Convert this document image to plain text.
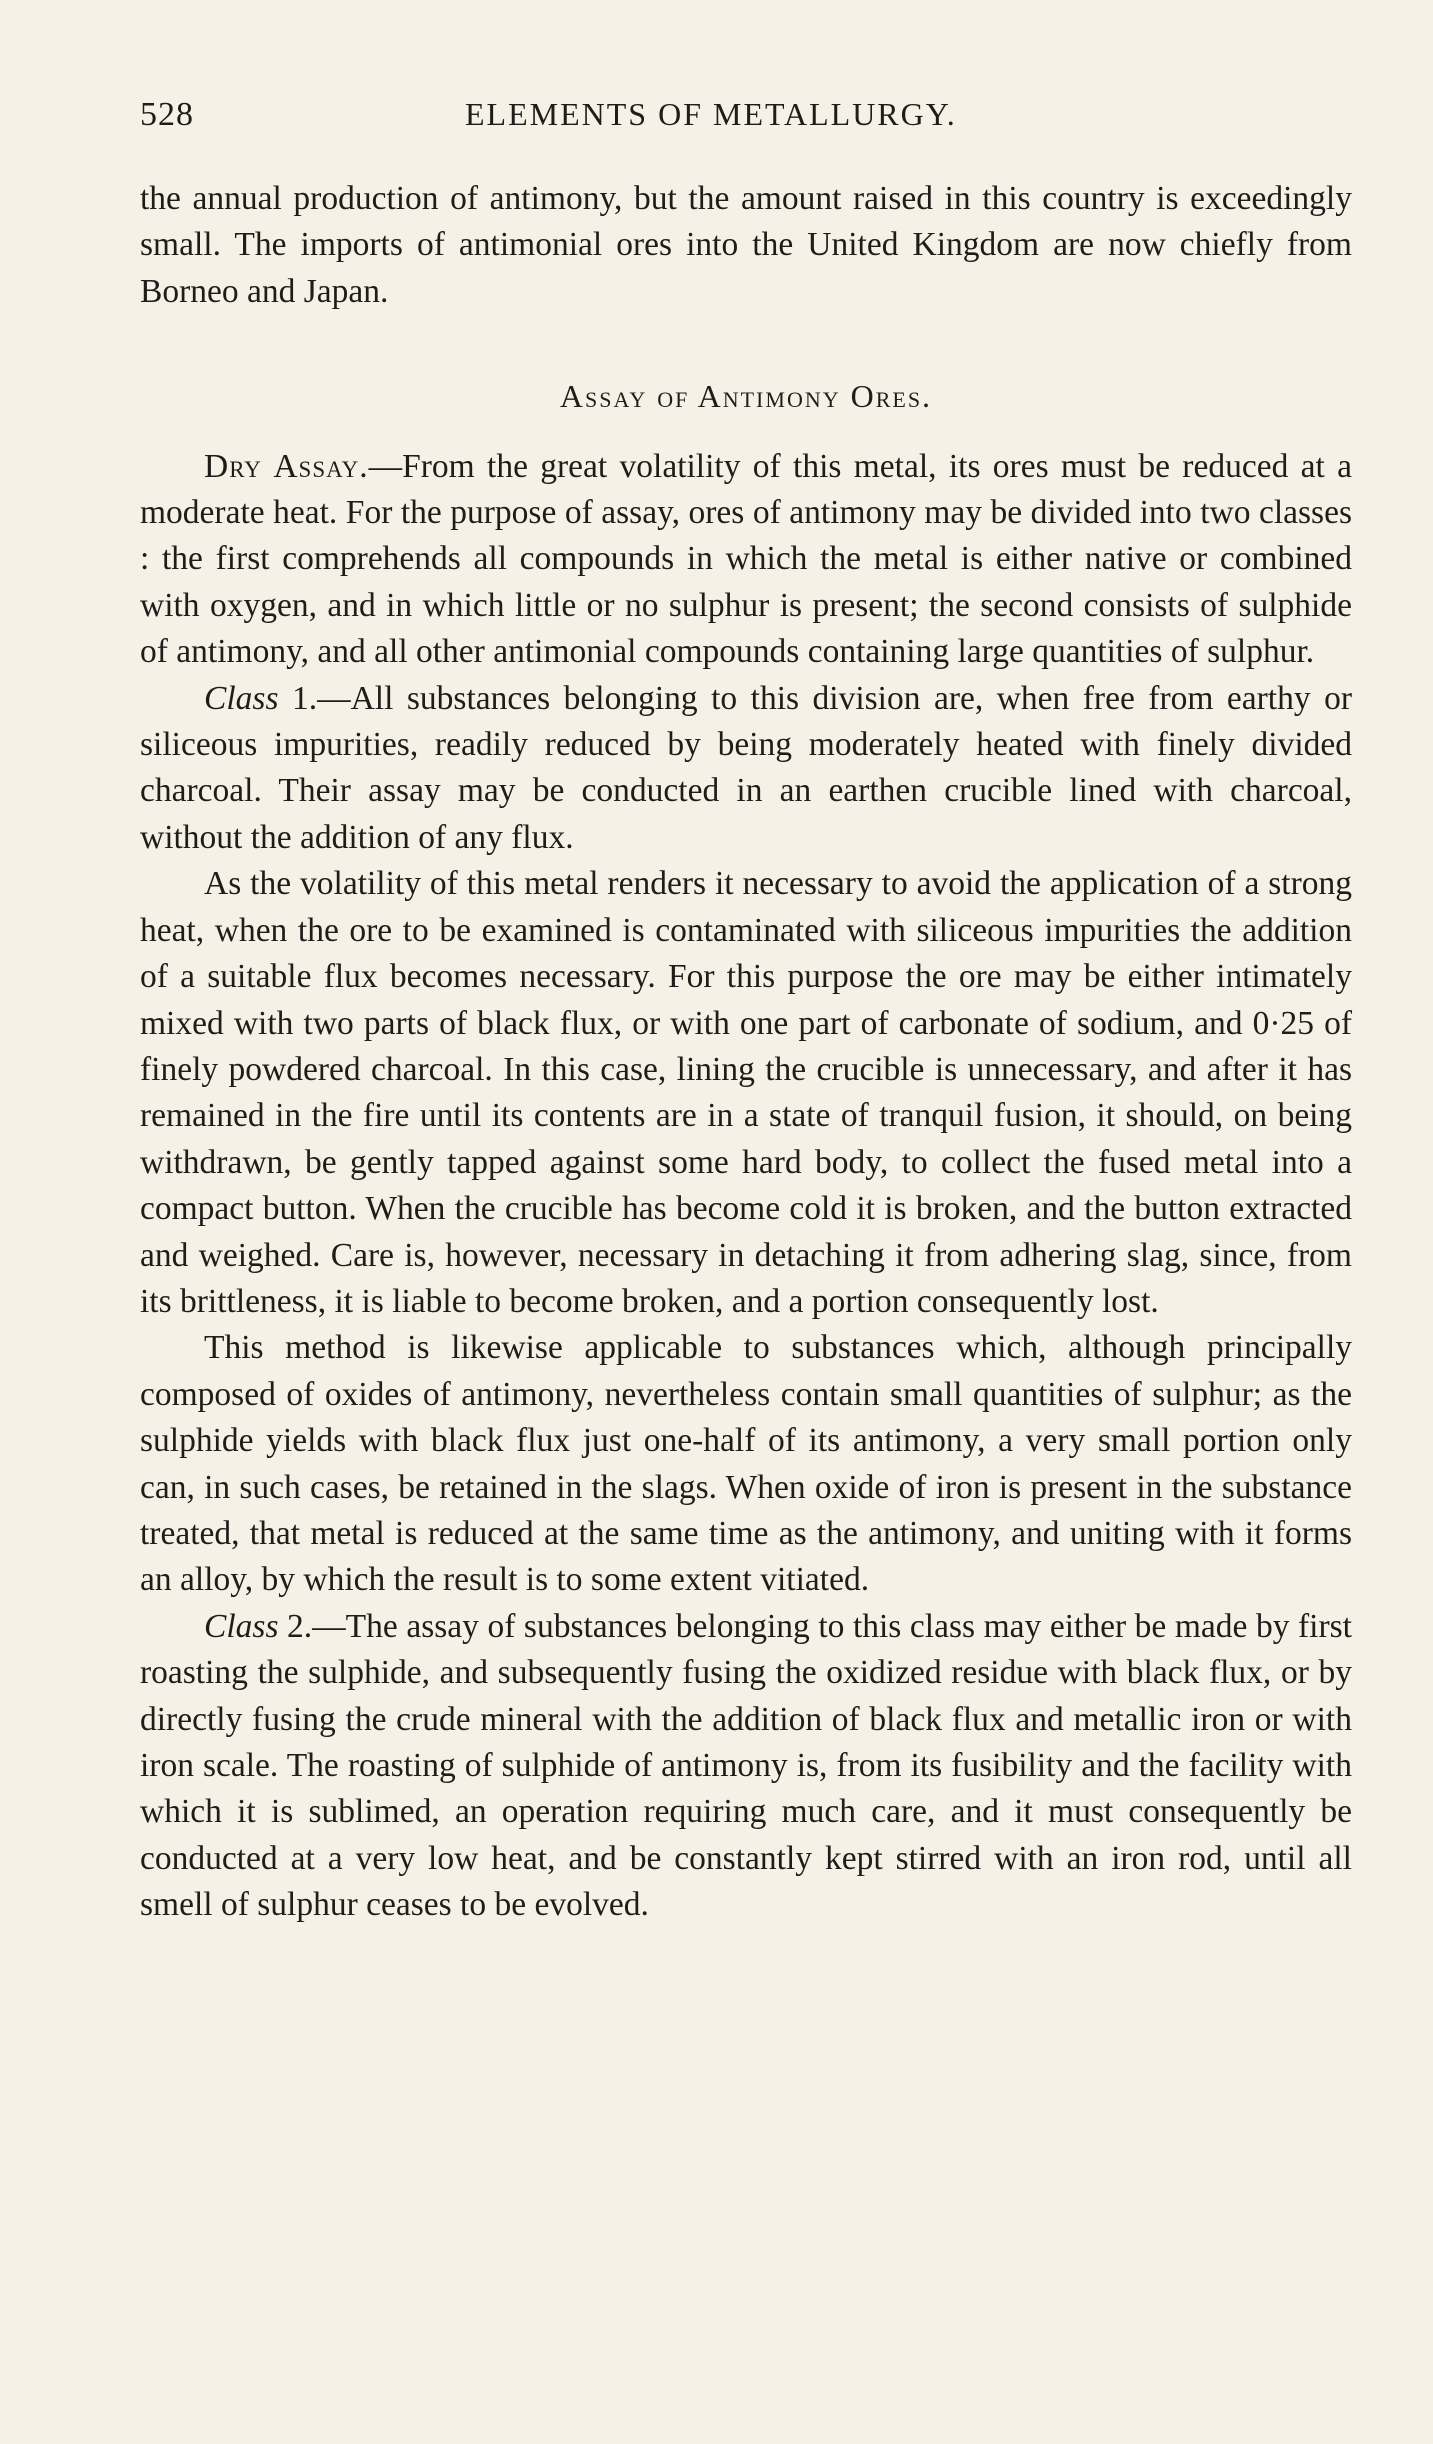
528	ELEMENTS OF METALLURGY.

the annual production of antimony, but the amount raised in this country is exceedingly small. The imports of antimonial ores into the United Kingdom are now chiefly from Borneo and Japan.

Assay of Antimony Ores.

Dry Assay.—From the great volatility of this metal, its ores must be reduced at a moderate heat. For the purpose of assay, ores of antimony may be divided into two classes : the first comprehends all compounds in which the metal is either native or combined with oxygen, and in which little or no sulphur is present; the second consists of sulphide of antimony, and all other antimonial compounds containing large quantities of sulphur.

Class 1.—All substances belonging to this division are, when free from earthy or siliceous impurities, readily reduced by being moderately heated with finely divided charcoal. Their assay may be conducted in an earthen crucible lined with charcoal, without the addition of any flux.

As the volatility of this metal renders it necessary to avoid the application of a strong heat, when the ore to be examined is contaminated with siliceous impurities the addition of a suitable flux becomes necessary. For this purpose the ore may be either intimately mixed with two parts of black flux, or with one part of carbonate of sodium, and 0·25 of finely powdered charcoal. In this case, lining the crucible is unnecessary, and after it has remained in the fire until its contents are in a state of tranquil fusion, it should, on being withdrawn, be gently tapped against some hard body, to collect the fused metal into a compact button. When the crucible has become cold it is broken, and the button extracted and weighed. Care is, however, necessary in detaching it from adhering slag, since, from its brittleness, it is liable to become broken, and a portion consequently lost.

This method is likewise applicable to substances which, although principally composed of oxides of antimony, nevertheless contain small quantities of sulphur; as the sulphide yields with black flux just one-half of its antimony, a very small portion only can, in such cases, be retained in the slags. When oxide of iron is present in the substance treated, that metal is reduced at the same time as the antimony, and uniting with it forms an alloy, by which the result is to some extent vitiated.

Class 2.—The assay of substances belonging to this class may either be made by first roasting the sulphide, and subsequently fusing the oxidized residue with black flux, or by directly fusing the crude mineral with the addition of black flux and metallic iron or with iron scale. The roasting of sulphide of antimony is, from its fusibility and the facility with which it is sublimed, an operation requiring much care, and it must consequently be conducted at a very low heat, and be constantly kept stirred with an iron rod, until all smell of sulphur ceases to be evolved.
